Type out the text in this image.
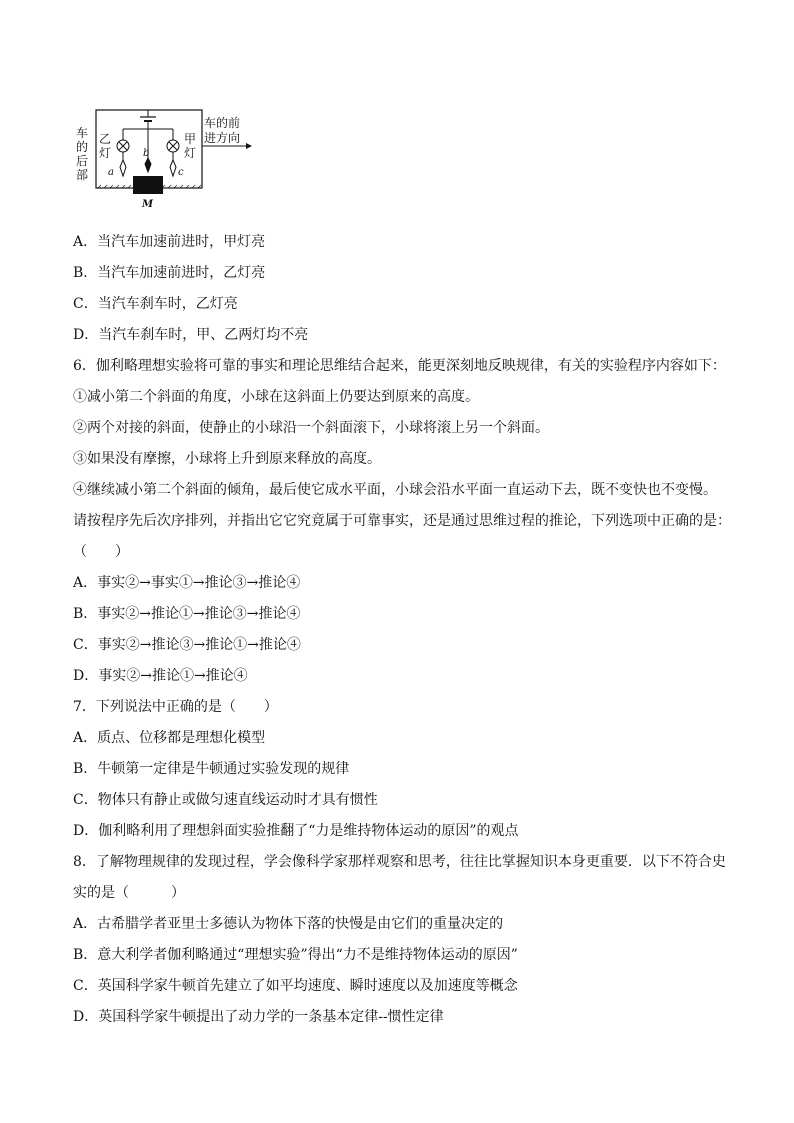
车
的
后
部
乙
灯
甲
灯
a
b
c
M
车的前
进方向
A．当汽车加速前进时，甲灯亮
B．当汽车加速前进时，乙灯亮
C．当汽车刹车时，乙灯亮
D．当汽车刹车时，甲、乙两灯均不亮
6．伽利略理想实验将可靠的事实和理论思维结合起来，能更深刻地反映规律，有关的实验程序内容如下：
①减小第二个斜面的角度，小球在这斜面上仍要达到原来的高度。
②两个对接的斜面，使静止的小球沿一个斜面滚下，小球将滚上另一个斜面。
③如果没有摩擦，小球将上升到原来释放的高度。
④继续减小第二个斜面的倾角，最后使它成水平面，小球会沿水平面一直运动下去，既不变快也不变慢。
请按程序先后次序排列，并指出它它究竟属于可靠事实，还是通过思维过程的推论，下列选项中正确的是：
（　　）
A．事实②→事实①→推论③→推论④
B．事实②→推论①→推论③→推论④
C．事实②→推论③→推论①→推论④
D．事实②→推论①→推论④
7．下列说法中正确的是（　　）
A．质点、位移都是理想化模型
B．牛顿第一定律是牛顿通过实验发现的规律
C．物体只有静止或做匀速直线运动时才具有惯性
D．伽利略利用了理想斜面实验推翻了“力是维持物体运动的原因”的观点
8．了解物理规律的发现过程，学会像科学家那样观察和思考，往往比掌握知识本身更重要．以下不符合史
实的是（　　　）
A．古希腊学者亚里士多德认为物体下落的快慢是由它们的重量决定的
B．意大利学者伽利略通过“理想实验”得出“力不是维持物体运动的原因”
C．英国科学家牛顿首先建立了如平均速度、瞬时速度以及加速度等概念
D．英国科学家牛顿提出了动力学的一条基本定律--惯性定律
